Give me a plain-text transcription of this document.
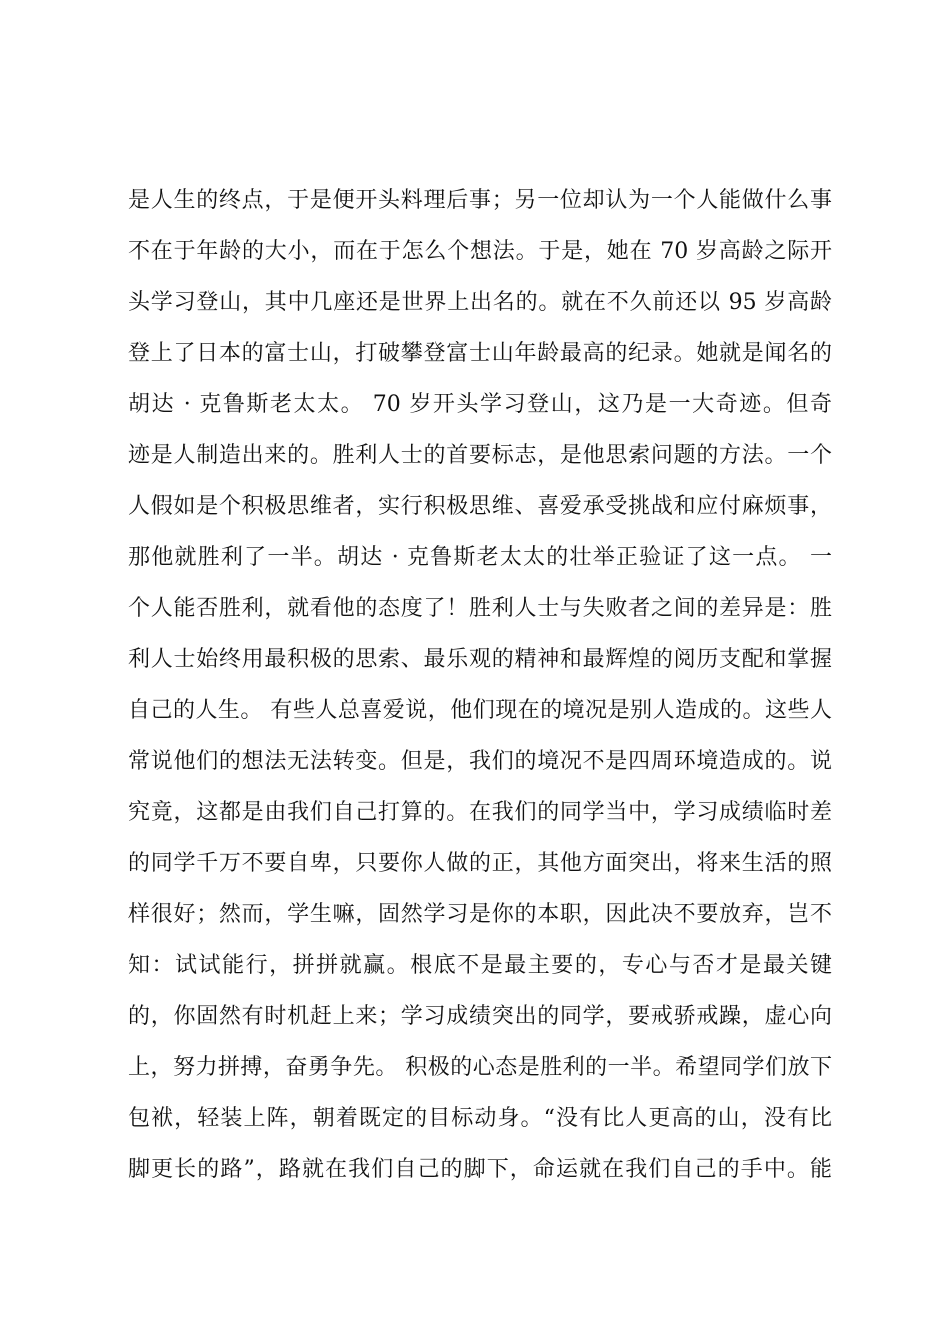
是人生的终点，于是便开头料理后事；另一位却认为一个人能做什么事
不在于年龄的大小，而在于怎么个想法。于是，她在 70 岁高龄之际开
头学习登山，其中几座还是世界上出名的。就在不久前还以 95 岁高龄
登上了日本的富士山，打破攀登富士山年龄最高的纪录。她就是闻名的
胡达 · 克鲁斯老太太。 70 岁开头学习登山，这乃是一大奇迹。但奇
迹是人制造出来的。胜利人士的首要标志，是他思索问题的方法。一个
人假如是个积极思维者，实行积极思维、喜爱承受挑战和应付麻烦事，
那他就胜利了一半。胡达 · 克鲁斯老太太的壮举正验证了这一点。 一
个人能否胜利，就看他的态度了！胜利人士与失败者之间的差异是：胜
利人士始终用最积极的思索、最乐观的精神和最辉煌的阅历支配和掌握
自己的人生。 有些人总喜爱说，他们现在的境况是别人造成的。这些人
常说他们的想法无法转变。但是，我们的境况不是四周环境造成的。说
究竟，这都是由我们自己打算的。在我们的同学当中，学习成绩临时差
的同学千万不要自卑，只要你人做的正，其他方面突出，将来生活的照
样很好；然而，学生嘛，固然学习是你的本职，因此决不要放弃，岂不
知：试试能行，拼拼就赢。根底不是最主要的，专心与否才是最关键
的，你固然有时机赶上来；学习成绩突出的同学，要戒骄戒躁，虚心向
上，努力拼搏，奋勇争先。 积极的心态是胜利的一半。希望同学们放下
包袱，轻装上阵，朝着既定的目标动身。“没有比人更高的山，没有比
脚更长的路”，路就在我们自己的脚下，命运就在我们自己的手中。能
